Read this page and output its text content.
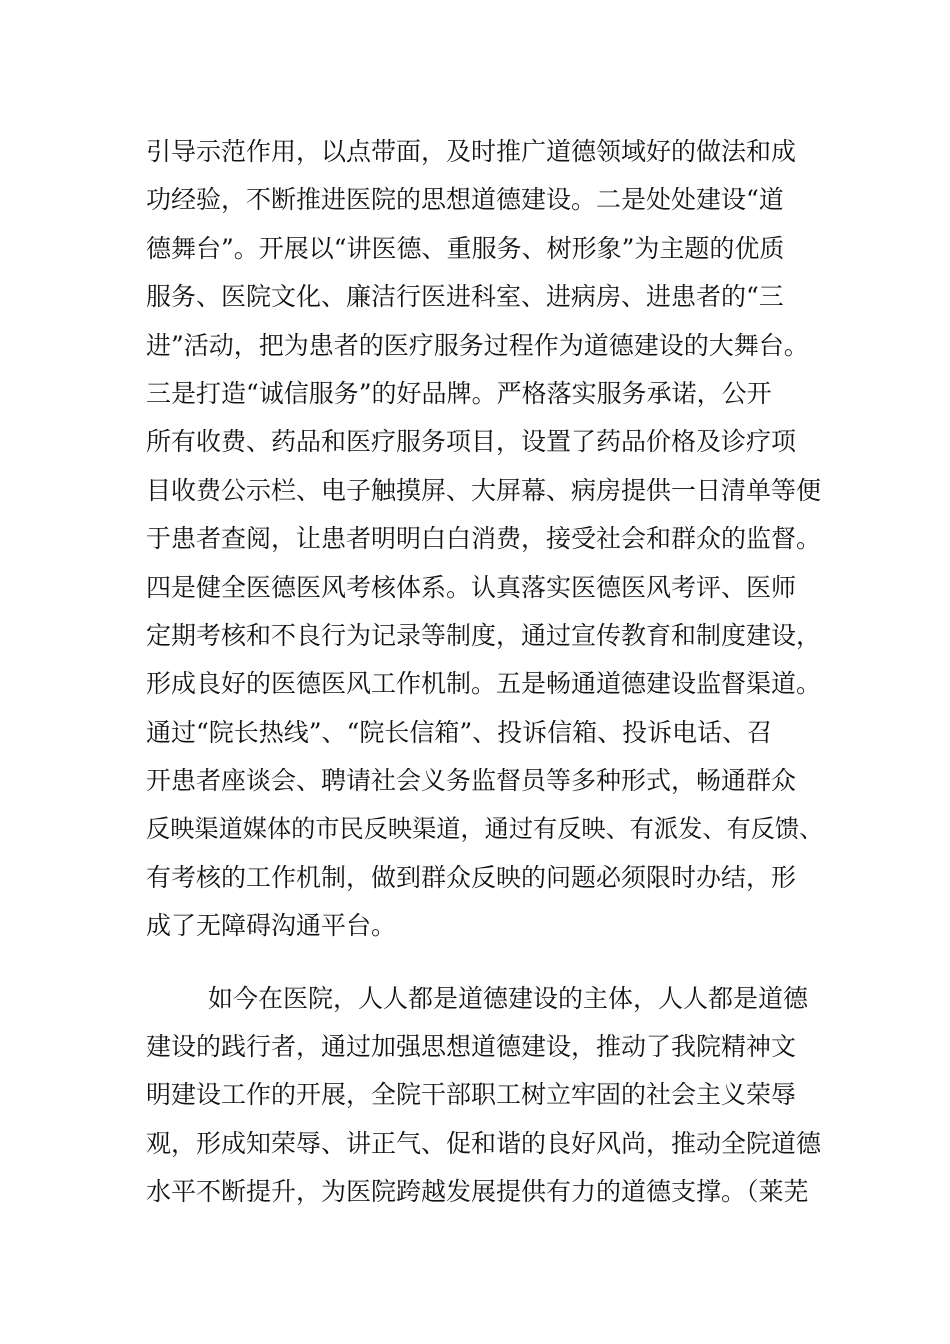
引导示范作用，以点带面，及时推广道德领域好的做法和成
功经验，不断推进医院的思想道德建设。二是处处建设“道
德舞台”。开展以“讲医德、重服务、树形象”为主题的优质
服务、医院文化、廉洁行医进科室、进病房、进患者的“三
进”活动，把为患者的医疗服务过程作为道德建设的大舞台。
三是打造“诚信服务”的好品牌。严格落实服务承诺，公开
所有收费、药品和医疗服务项目，设置了药品价格及诊疗项
目收费公示栏、电子触摸屏、大屏幕、病房提供一日清单等便
于患者查阅，让患者明明白白消费，接受社会和群众的监督。
四是健全医德医风考核体系。认真落实医德医风考评、医师
定期考核和不良行为记录等制度，通过宣传教育和制度建设，
形成良好的医德医风工作机制。五是畅通道德建设监督渠道。
通过“院长热线”、“院长信箱”、投诉信箱、投诉电话、召
开患者座谈会、聘请社会义务监督员等多种形式，畅通群众
反映渠道媒体的市民反映渠道，通过有反映、有派发、有反馈、
有考核的工作机制，做到群众反映的问题必须限时办结，形
成了无障碍沟通平台。
如今在医院，人人都是道德建设的主体，人人都是道德
建设的践行者，通过加强思想道德建设，推动了我院精神文
明建设工作的开展，全院干部职工树立牢固的社会主义荣辱
观，形成知荣辱、讲正气、促和谐的良好风尚，推动全院道德
水平不断提升，为医院跨越发展提供有力的道德支撑。（莱芜
